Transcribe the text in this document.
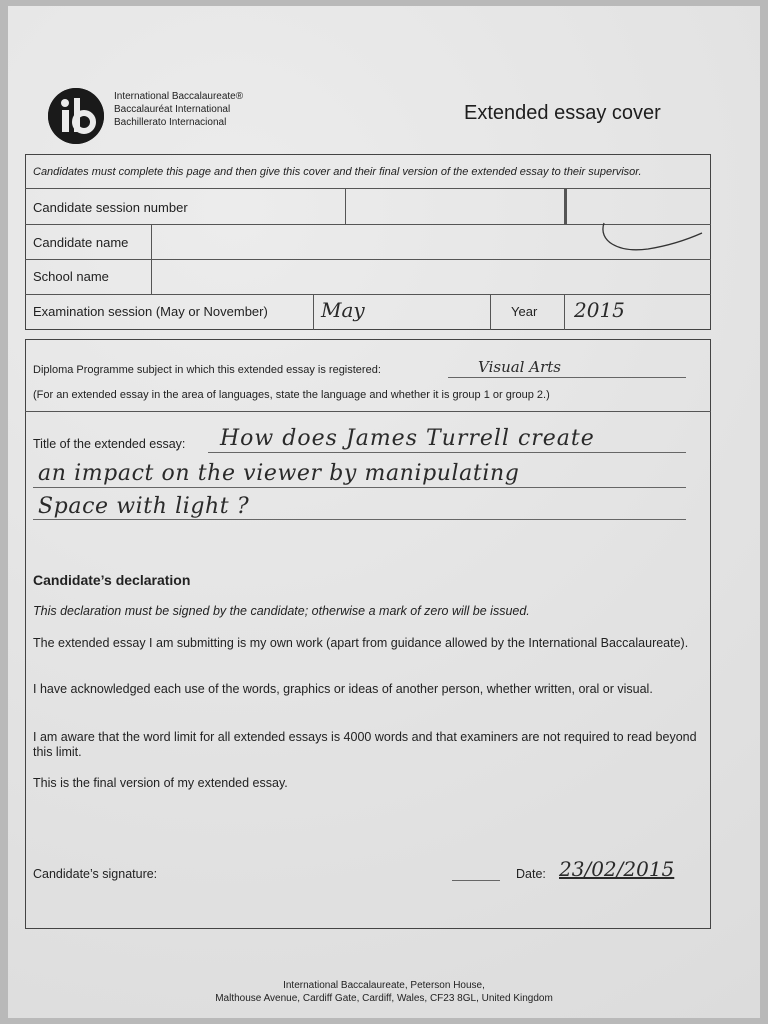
International Baccalaureate®
Baccalauréat International
Bachillerato Internacional	Extended essay cover
Candidates must complete this page and then give this cover and their final version of the extended essay to their supervisor.
Candidate session number
Candidate name
School name
Examination session (May or November)	May	Year 2015
Diploma Programme subject in which this extended essay is registered:	Visual Arts
(For an extended essay in the area of languages, state the language and whether it is group 1 or group 2.)
Title of the extended essay: How does James Turrell create
an impact on the viewer by manipulating
Space with light ?
Candidate’s declaration
This declaration must be signed by the candidate; otherwise a mark of zero will be issued.
The extended essay I am submitting is my own work (apart from guidance allowed by the International Baccalaureate).
I have acknowledged each use of the words, graphics or ideas of another person, whether written, oral or visual.
I am aware that the word limit for all extended essays is 4000 words and that examiners are not required to read beyond this limit.
This is the final version of my extended essay.
Candidate’s signature:	Date: 23/02/2015
International Baccalaureate, Peterson House,
Malthouse Avenue, Cardiff Gate, Cardiff, Wales, CF23 8GL, United Kingdom
